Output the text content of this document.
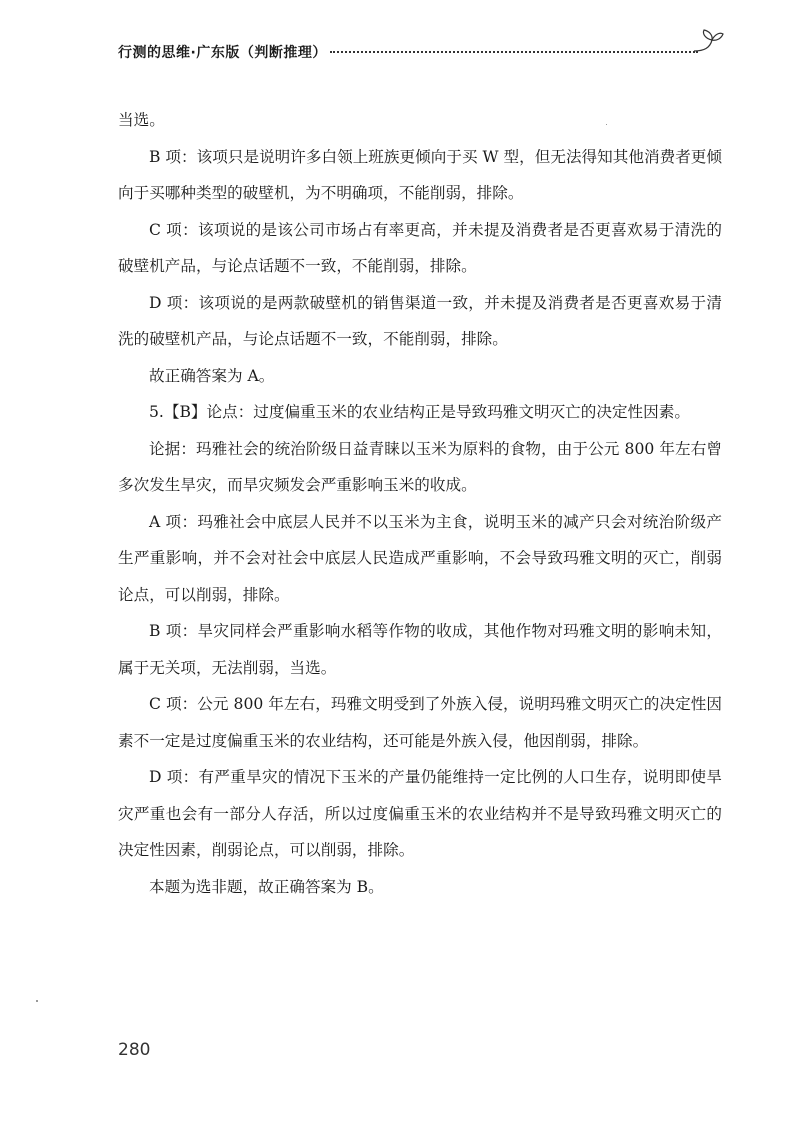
行测的思维·广东版（判断推理）

当选。

B 项：该项只是说明许多白领上班族更倾向于买 W 型，但无法得知其他消费者更倾向于买哪种类型的破壁机，为不明确项，不能削弱，排除。

C 项：该项说的是该公司市场占有率更高，并未提及消费者是否更喜欢易于清洗的破壁机产品，与论点话题不一致，不能削弱，排除。

D 项：该项说的是两款破壁机的销售渠道一致，并未提及消费者是否更喜欢易于清洗的破壁机产品，与论点话题不一致，不能削弱，排除。

故正确答案为 A。

5.【B】论点：过度偏重玉米的农业结构正是导致玛雅文明灭亡的决定性因素。

论据：玛雅社会的统治阶级日益青睐以玉米为原料的食物，由于公元 800 年左右曾多次发生旱灾，而旱灾频发会严重影响玉米的收成。

A 项：玛雅社会中底层人民并不以玉米为主食，说明玉米的减产只会对统治阶级产生严重影响，并不会对社会中底层人民造成严重影响，不会导致玛雅文明的灭亡，削弱论点，可以削弱，排除。

B 项：旱灾同样会严重影响水稻等作物的收成，其他作物对玛雅文明的影响未知，属于无关项，无法削弱，当选。

C 项：公元 800 年左右，玛雅文明受到了外族入侵，说明玛雅文明灭亡的决定性因素不一定是过度偏重玉米的农业结构，还可能是外族入侵，他因削弱，排除。

D 项：有严重旱灾的情况下玉米的产量仍能维持一定比例的人口生存，说明即使旱灾严重也会有一部分人存活，所以过度偏重玉米的农业结构并不是导致玛雅文明灭亡的决定性因素，削弱论点，可以削弱，排除。

本题为选非题，故正确答案为 B。

280
